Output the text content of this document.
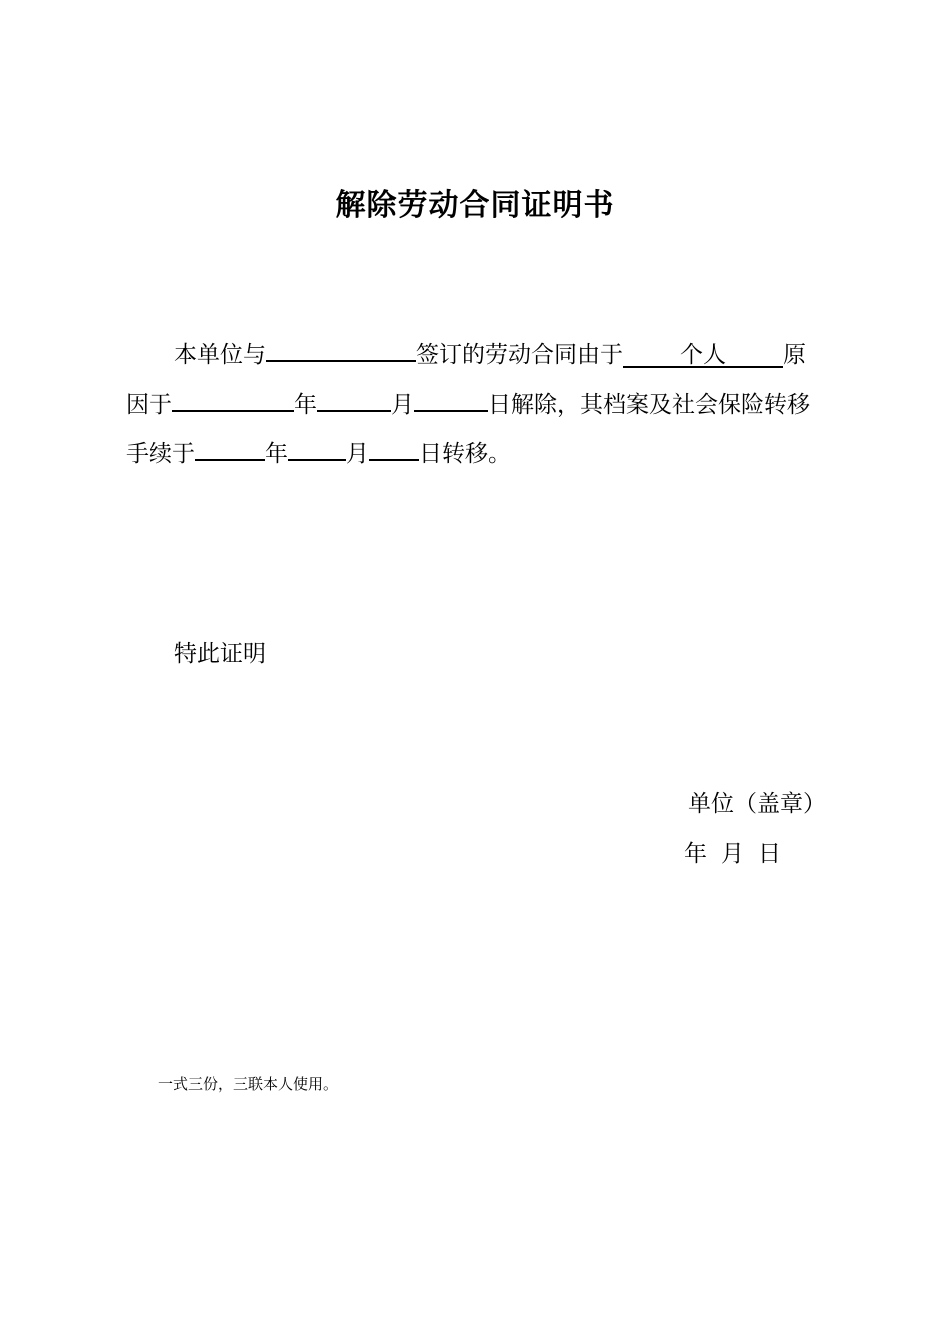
解除劳动合同证明书
本单位与	签订的劳动合同由于 个人 原
因于	年	月	日解除，其档案及社会保险转移
手续于	年	月 日转移。
特此证明
单位（盖章）
年 月 日
一式三份，三联本人使用。
